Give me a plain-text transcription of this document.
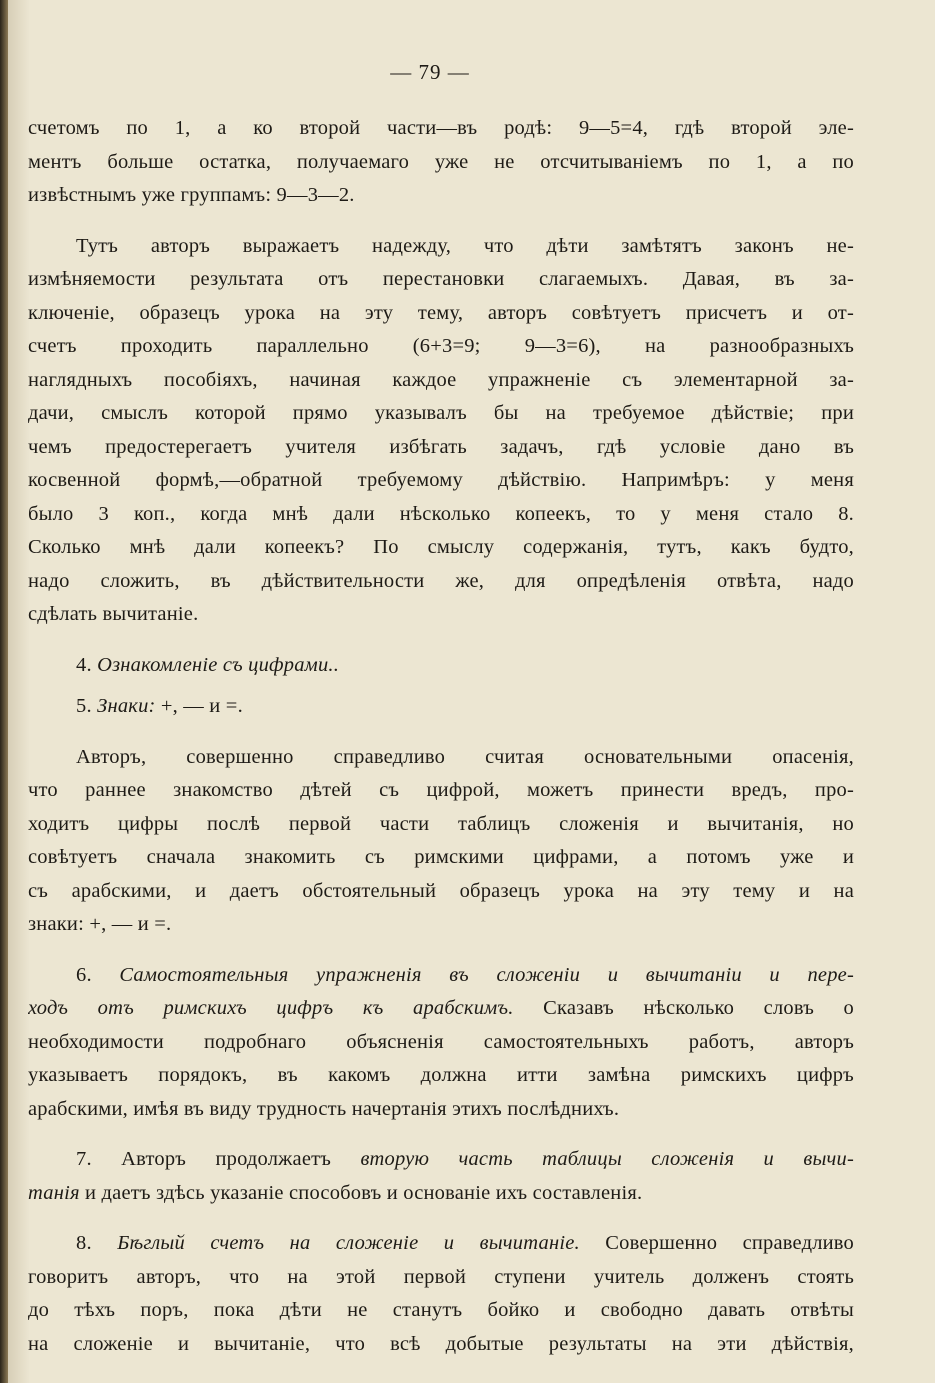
— 79 —
счетомъ по 1, а ко второй части—въ родѣ: 9—5=4, гдѣ второй эле-
ментъ больше остатка, получаемаго уже не отсчитываніемъ по 1, а по
извѣстнымъ уже группамъ: 9—3—2.
Тутъ авторъ выражаетъ надежду, что дѣти замѣтятъ законъ не-
измѣняемости результата отъ перестановки слагаемыхъ. Давая, въ за-
ключеніе, образецъ урока на эту тему, авторъ совѣтуетъ присчетъ и от-
счетъ проходить параллельно (6+3=9; 9—3=6), на разнообразныхъ
наглядныхъ пособіяхъ, начиная каждое упражненіе съ элементарной за-
дачи, смыслъ которой прямо указывалъ бы на требуемое дѣйствіе; при
чемъ предостерегаетъ учителя избѣгать задачъ, гдѣ условіе дано въ
косвенной формѣ,—обратной требуемому дѣйствію. Напримѣръ: у меня
было 3 коп., когда мнѣ дали нѣсколько копеекъ, то у меня стало 8.
Сколько мнѣ дали копеекъ? По смыслу содержанія, тутъ, какъ будто,
надо сложить, въ дѣйствительности же, для опредѣленія отвѣта, надо
сдѣлать вычитаніе.
4. Ознакомленіе съ цифрами..
5. Знаки: +, — и =.
Авторъ, совершенно справедливо считая основательными опасенія,
что раннее знакомство дѣтей съ цифрой, можетъ принести вредъ, про-
ходитъ цифры послѣ первой части таблицъ сложенія и вычитанія, но
совѣтуетъ сначала знакомить съ римскими цифрами, а потомъ уже и
съ арабскими, и даетъ обстоятельный образецъ урока на эту тему и на
знаки: +, — и =.
6. Самостоятельныя упражненія въ сложеніи и вычитаніи и пере-
ходъ отъ римскихъ цифръ къ арабскимъ. Сказавъ нѣсколько словъ о
необходимости подробнаго объясненія самостоятельныхъ работъ, авторъ
указываетъ порядокъ, въ какомъ должна итти замѣна римскихъ цифръ
арабскими, имѣя въ виду трудность начертанія этихъ послѣднихъ.
7. Авторъ продолжаетъ вторую часть таблицы сложенія и вычи-
танія и даетъ здѣсь указаніе способовъ и основаніе ихъ составленія.
8. Бѣглый счетъ на сложеніе и вычитаніе. Совершенно справедливо
говоритъ авторъ, что на этой первой ступени учитель долженъ стоять
до тѣхъ поръ, пока дѣти не станутъ бойко и свободно давать отвѣты
на сложеніе и вычитаніе, что всѣ добытые результаты на эти дѣйствія,
